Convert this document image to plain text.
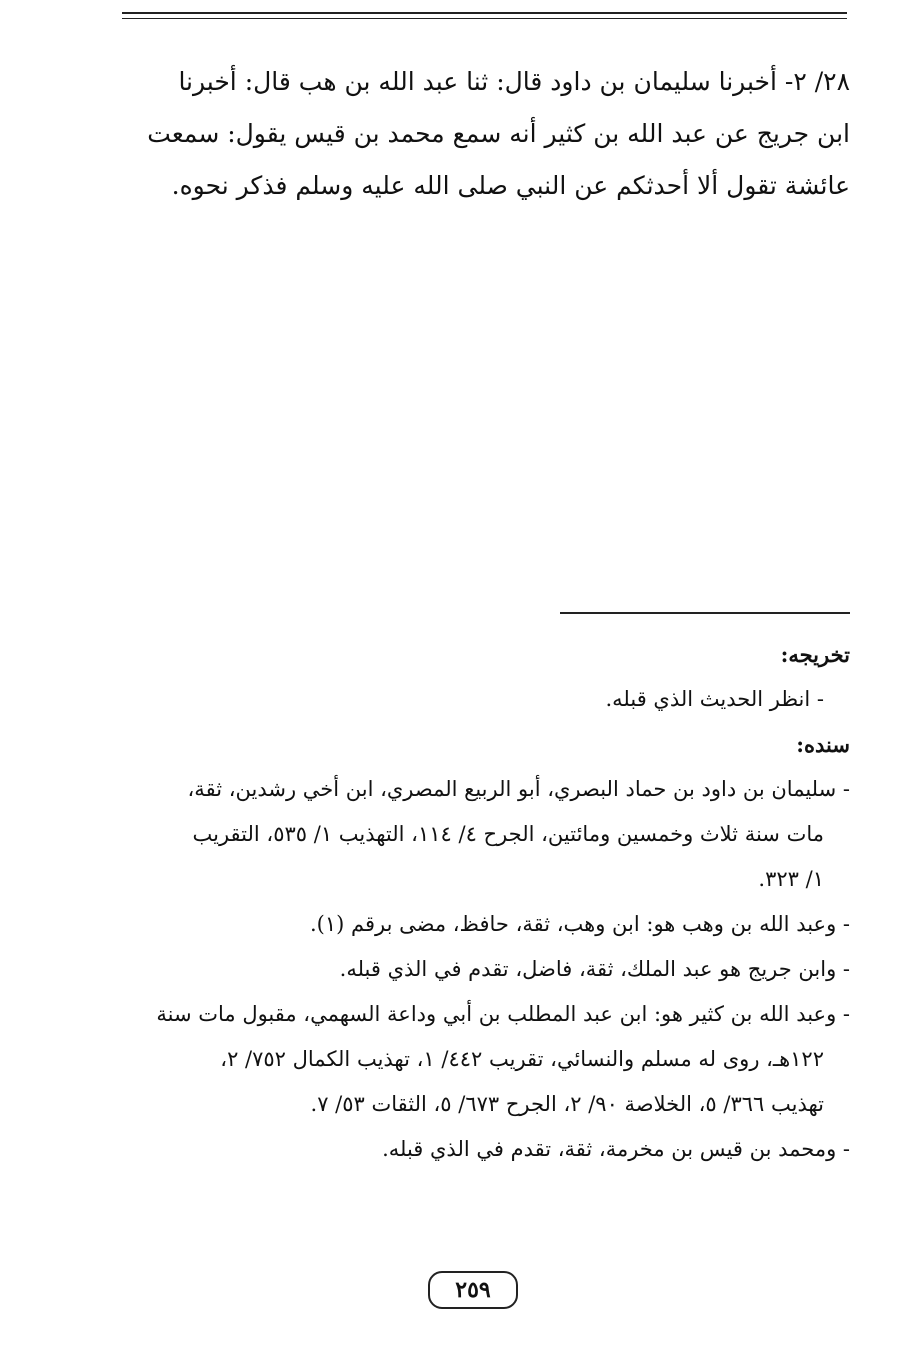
٢٨/ ٢- أخبرنا سليمان بن داود قال: ثنا عبد الله بن هب قال: أخبرنا
ابن جريج عن عبد الله بن كثير أنه سمع محمد بن قيس يقول: سمعت
عائشة تقول ألا أحدثكم عن النبي صلى الله عليه وسلم فذكر نحوه.
تخريجه:
- انظر الحديث الذي قبله.
سنده:
- سليمان بن داود بن حماد البصري، أبو الربيع المصري، ابن أخي رشدين، ثقة،
مات سنة ثلاث وخمسين ومائتين، الجرح ٤/ ١١٤، التهذيب ١/ ٥٣٥، التقريب
١/ ٣٢٣.
- وعبد الله بن وهب هو: ابن وهب، ثقة، حافظ، مضى برقم (١).
- وابن جريج هو عبد الملك، ثقة، فاضل، تقدم في الذي قبله.
- وعبد الله بن كثير هو: ابن عبد المطلب بن أبي وداعة السهمي، مقبول مات سنة
١٢٢هـ، روى له مسلم والنسائي، تقريب ٤٤٢/ ١، تهذيب الكمال ٧٥٢/ ٢،
تهذيب ٣٦٦/ ٥، الخلاصة ٩٠/ ٢، الجرح ٦٧٣/ ٥، الثقات ٥٣/ ٧.
- ومحمد بن قيس بن مخرمة، ثقة، تقدم في الذي قبله.
٢٥٩
